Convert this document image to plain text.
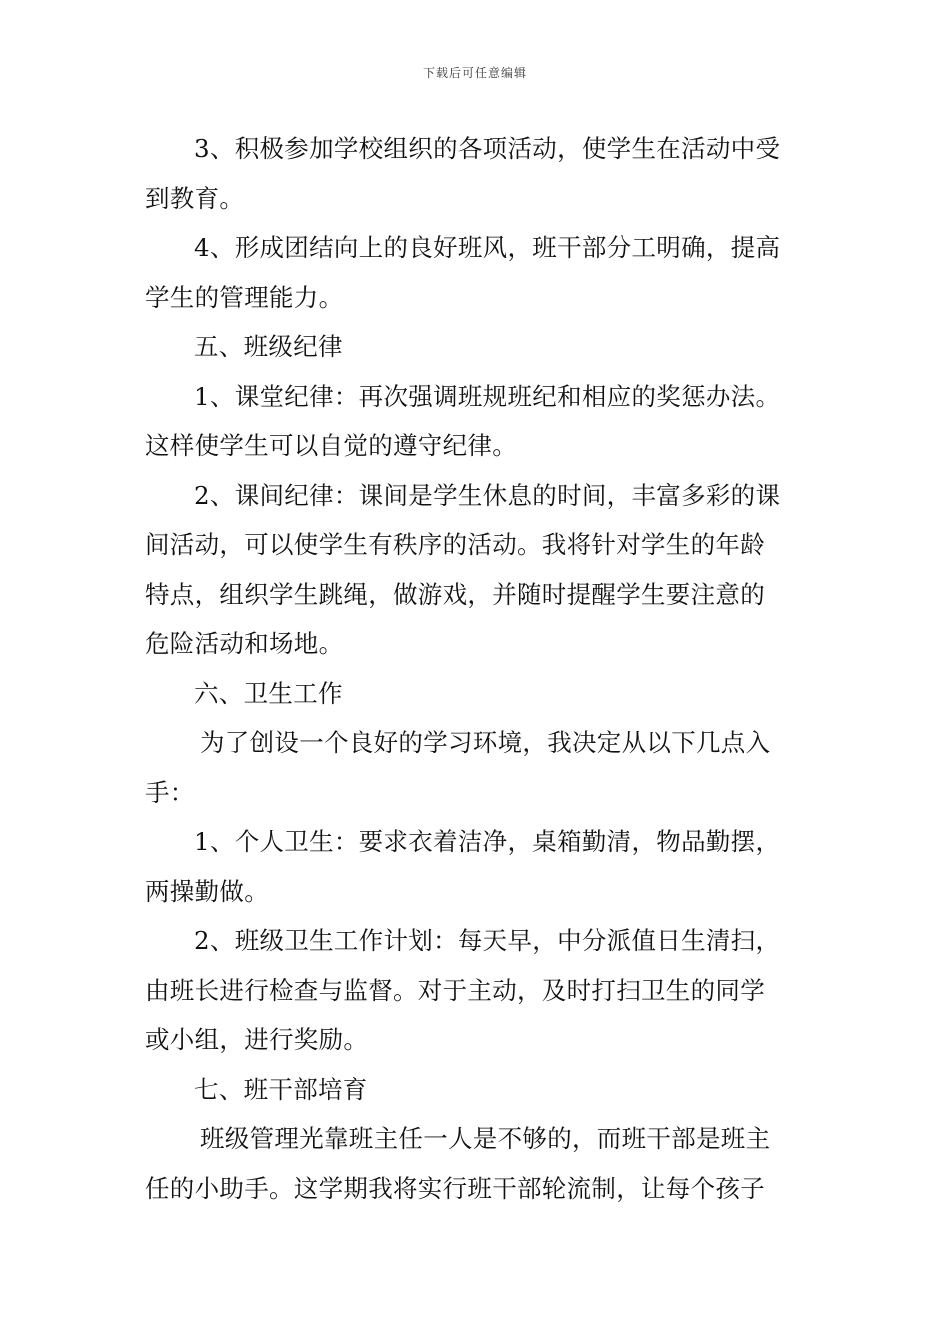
下载后可任意编辑
3、积极参加学校组织的各项活动，使学生在活动中受
到教育。
4、形成团结向上的良好班风，班干部分工明确，提高
学生的管理能力。
五、班级纪律
1、课堂纪律：再次强调班规班纪和相应的奖惩办法。
这样使学生可以自觉的遵守纪律。
2、课间纪律：课间是学生休息的时间，丰富多彩的课
间活动，可以使学生有秩序的活动。我将针对学生的年龄
特点，组织学生跳绳，做游戏，并随时提醒学生要注意的
危险活动和场地。
六、卫生工作
为了创设一个良好的学习环境，我决定从以下几点入
手：
1、个人卫生：要求衣着洁净，桌箱勤清，物品勤摆，
两操勤做。
2、班级卫生工作计划：每天早，中分派值日生清扫，
由班长进行检查与监督。对于主动，及时打扫卫生的同学
或小组，进行奖励。
七、班干部培育
班级管理光靠班主任一人是不够的，而班干部是班主
任的小助手。这学期我将实行班干部轮流制，让每个孩子
